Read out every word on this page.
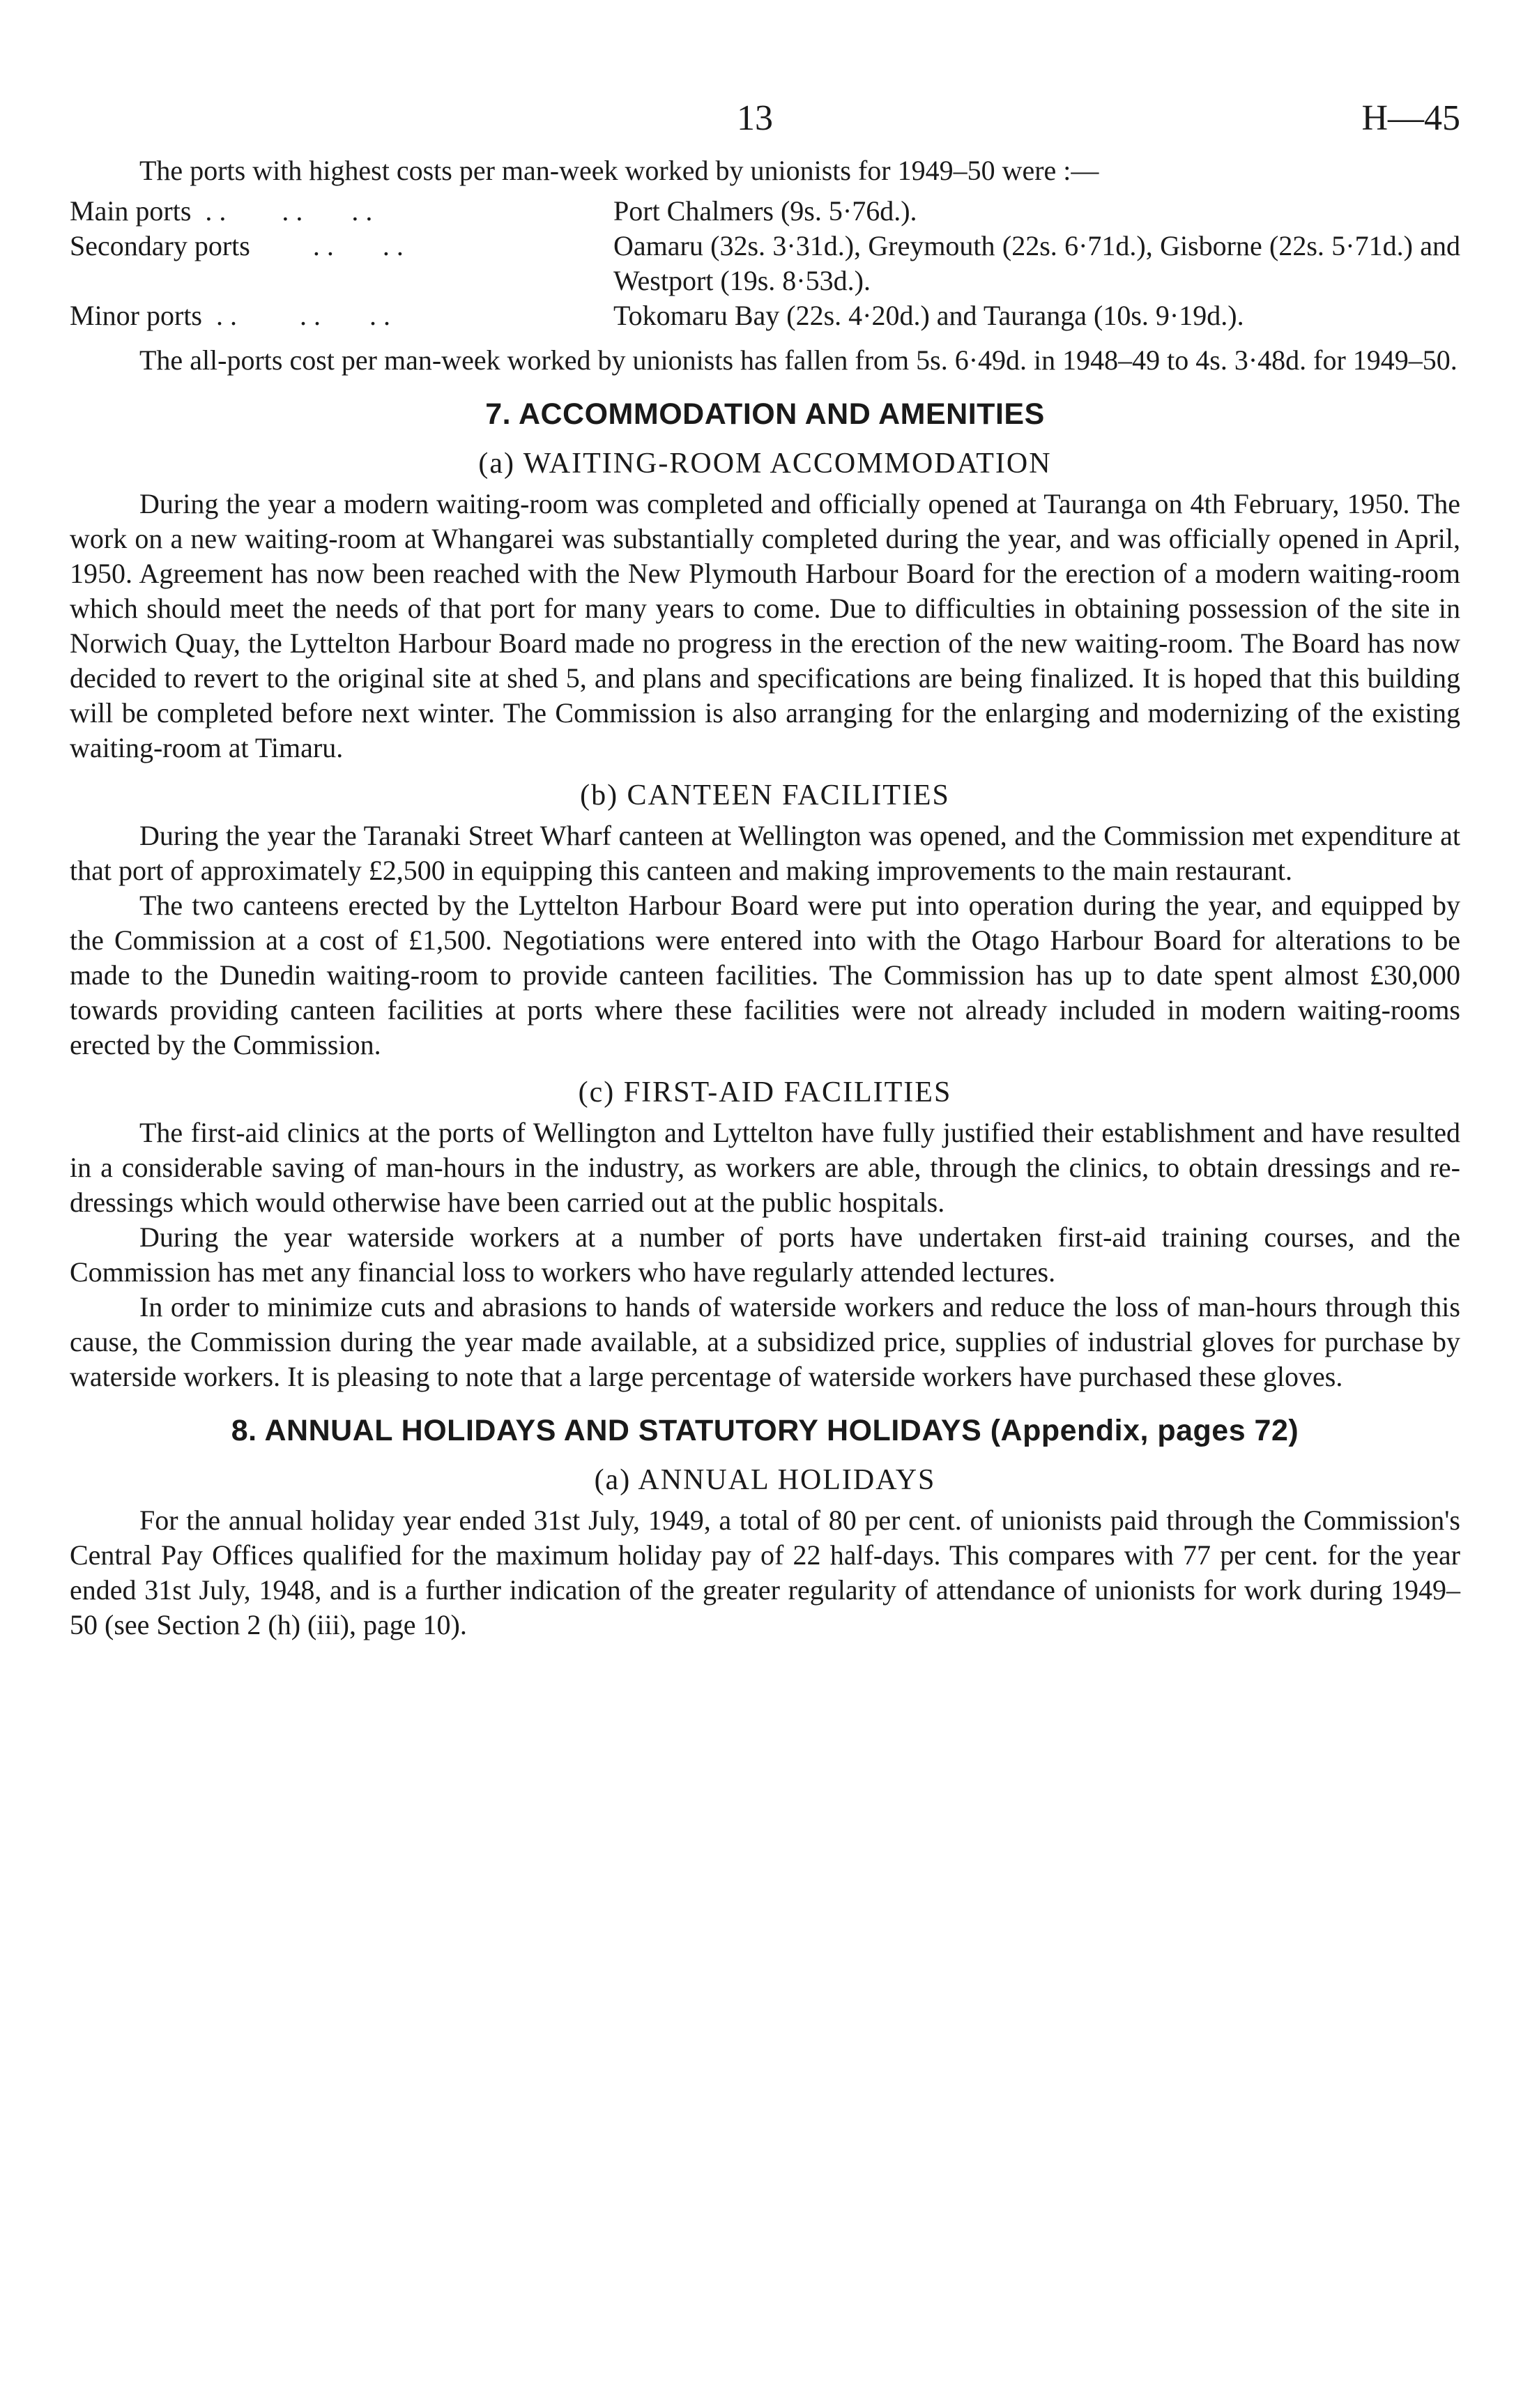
13	H—45

The ports with highest costs per man-week worked by unionists for 1949–50 were :—

Main ports  . .        . .       . .	Port Chalmers (9s. 5·76d.).
Secondary ports         . .       . .	Oamaru (32s. 3·31d.), Greymouth (22s. 6·71d.), Gisborne (22s. 5·71d.) and Westport (19s. 8·53d.).
Minor ports  . .         . .       . .	Tokomaru Bay (22s. 4·20d.) and Tauranga (10s. 9·19d.).

The all-ports cost per man-week worked by unionists has fallen from 5s. 6·49d. in 1948–49 to 4s. 3·48d. for 1949–50.

7. ACCOMMODATION AND AMENITIES
(a) WAITING-ROOM ACCOMMODATION

During the year a modern waiting-room was completed and officially opened at Tauranga on 4th February, 1950. The work on a new waiting-room at Whangarei was substantially completed during the year, and was officially opened in April, 1950. Agreement has now been reached with the New Plymouth Harbour Board for the erection of a modern waiting-room which should meet the needs of that port for many years to come. Due to difficulties in obtaining possession of the site in Norwich Quay, the Lyttelton Harbour Board made no progress in the erection of the new waiting-room. The Board has now decided to revert to the original site at shed 5, and plans and specifications are being finalized. It is hoped that this building will be completed before next winter. The Commission is also arranging for the enlarging and modernizing of the existing waiting-room at Timaru.

(b) CANTEEN FACILITIES

During the year the Taranaki Street Wharf canteen at Wellington was opened, and the Commission met expenditure at that port of approximately £2,500 in equipping this canteen and making improvements to the main restaurant.

The two canteens erected by the Lyttelton Harbour Board were put into operation during the year, and equipped by the Commission at a cost of £1,500. Negotiations were entered into with the Otago Harbour Board for alterations to be made to the Dunedin waiting-room to provide canteen facilities. The Commission has up to date spent almost £30,000 towards providing canteen facilities at ports where these facilities were not already included in modern waiting-rooms erected by the Commission.

(c) FIRST-AID FACILITIES

The first-aid clinics at the ports of Wellington and Lyttelton have fully justified their establishment and have resulted in a considerable saving of man-hours in the industry, as workers are able, through the clinics, to obtain dressings and re-dressings which would otherwise have been carried out at the public hospitals.

During the year waterside workers at a number of ports have undertaken first-aid training courses, and the Commission has met any financial loss to workers who have regularly attended lectures.

In order to minimize cuts and abrasions to hands of waterside workers and reduce the loss of man-hours through this cause, the Commission during the year made available, at a subsidized price, supplies of industrial gloves for purchase by waterside workers. It is pleasing to note that a large percentage of waterside workers have purchased these gloves.

8. ANNUAL HOLIDAYS AND STATUTORY HOLIDAYS (Appendix, pages 72)
(a) ANNUAL HOLIDAYS

For the annual holiday year ended 31st July, 1949, a total of 80 per cent. of unionists paid through the Commission's Central Pay Offices qualified for the maximum holiday pay of 22 half-days. This compares with 77 per cent. for the year ended 31st July, 1948, and is a further indication of the greater regularity of attendance of unionists for work during 1949–50 (see Section 2 (h) (iii), page 10).
